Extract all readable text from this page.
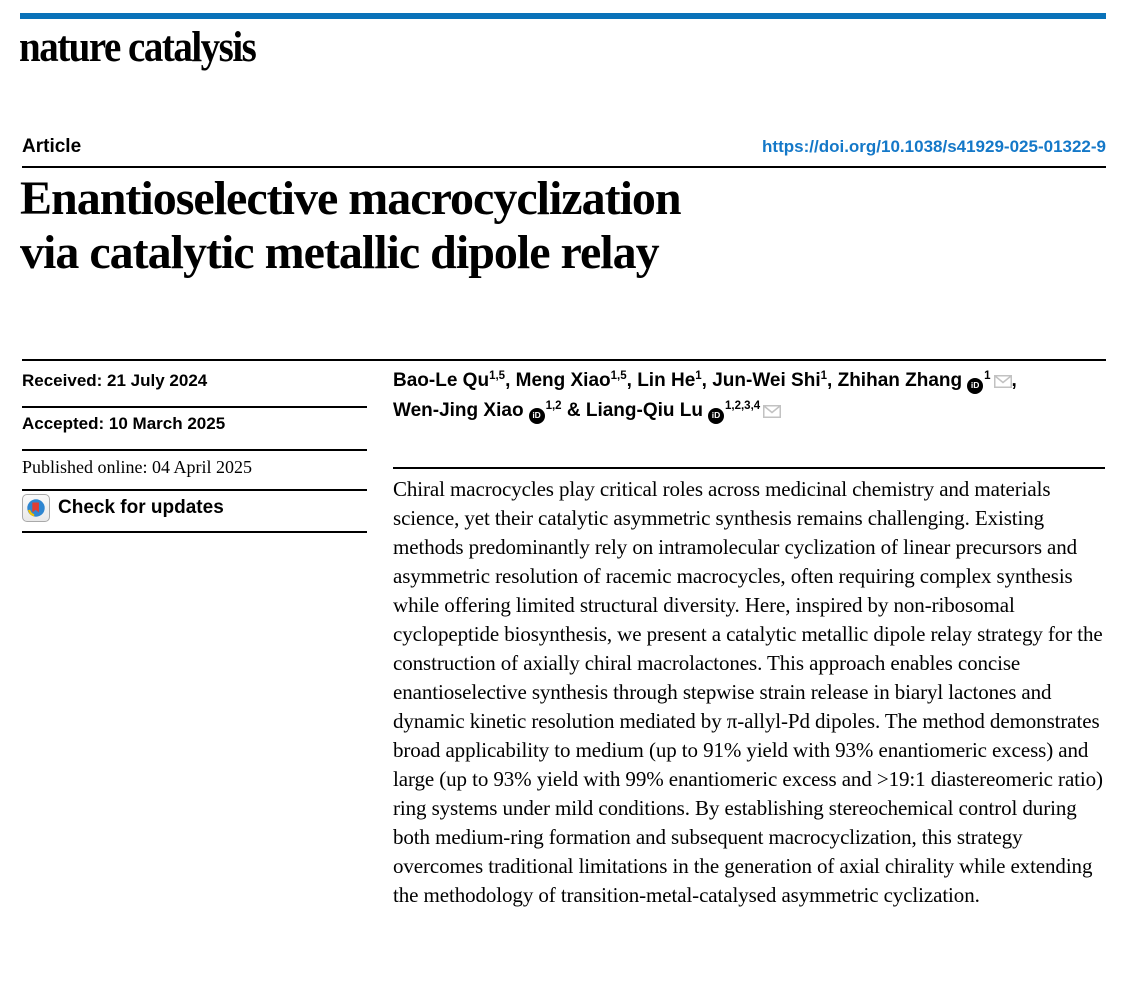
nature catalysis
Article	https://doi.org/10.1038/s41929-025-01322-9
Enantioselective macrocyclization
via catalytic metallic dipole relay
Received: 21 July 2024
Accepted: 10 March 2025
Published online: 04 April 2025
Check for updates
Bao-Le Qu$^{1,5}$, Meng Xiao$^{1,5}$, Lin He$^1$, Jun-Wei Shi$^1$, Zhihan Zhang $iD^1$ ,
Wen-Jing Xiao iD$^{1,2}$ & Liang-Qiu Lu iD$^{1,2,3,4}$
Chiral macrocycles play critical roles across medicinal chemistry and materials science, yet their catalytic asymmetric synthesis remains challenging. Existing methods predominantly rely on intramolecular cyclization of linear precursors and asymmetric resolution of racemic macrocycles, often requiring complex synthesis while offering limited structural diversity. Here, inspired by non-ribosomal cyclopeptide biosynthesis, we present a catalytic metallic dipole relay strategy for the construction of axially chiral macrolactones. This approach enables concise enantioselective synthesis through stepwise strain release in biaryl lactones and dynamic kinetic resolution mediated by π-allyl-Pd dipoles. The method demonstrates broad applicability to medium (up to 91% yield with 93% enantiomeric excess) and large (up to 93% yield with 99% enantiomeric excess and >19:1 diastereomeric ratio) ring systems under mild conditions. By establishing stereochemical control during both medium-ring formation and subsequent macrocyclization, this strategy overcomes traditional limitations in the generation of axial chirality while extending the methodology of transition-metal-catalysed asymmetric cyclization.
